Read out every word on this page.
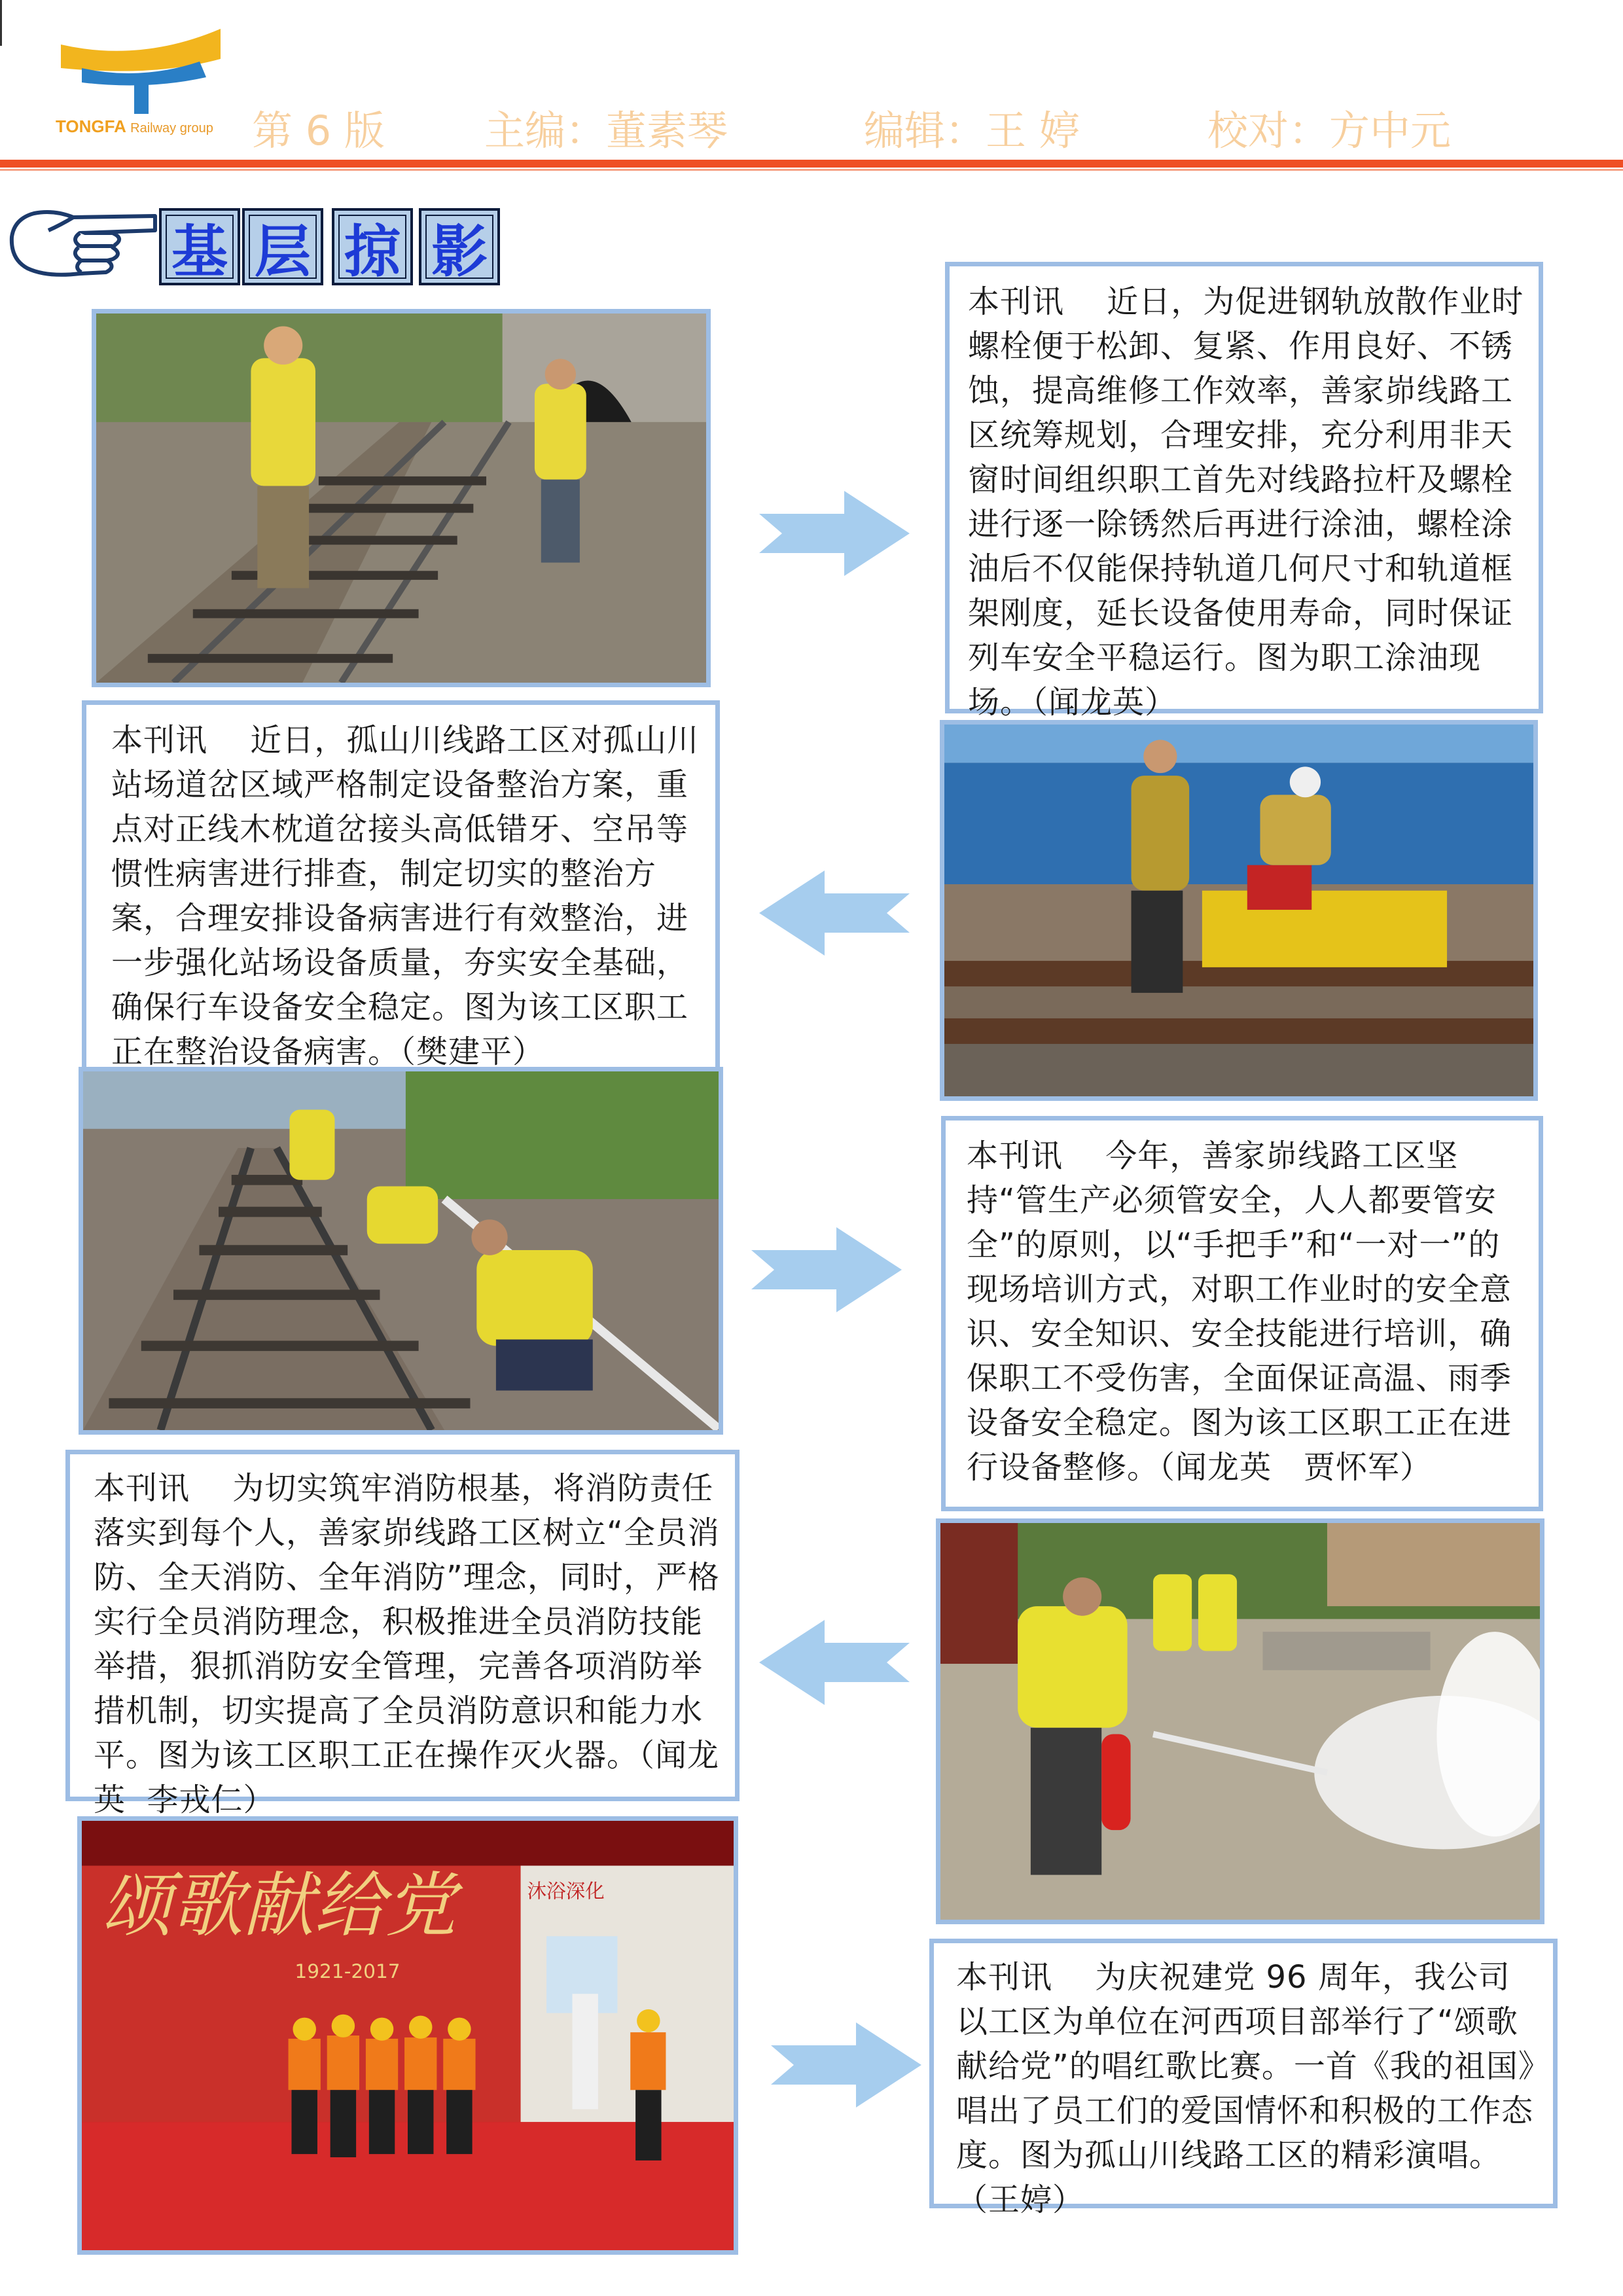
TONGFA Railway group 第 6 版 主编：董素琴	编辑：王 婷	校对：方中元
基 层 掠 影
本刊讯　 近日，为促进钢轨放散作业时螺栓便于松卸、复紧、作用良好、不锈蚀，提高维修工作效率，善家峁线路工区统筹规划，合理安排，充分利用非天窗时间组织职工首先对线路拉杆及螺栓进行逐一除锈然后再进行涂油，螺栓涂油后不仅能保持轨道几何尺寸和轨道框架刚度，延长设备使用寿命，同时保证列车安全平稳运行。图为职工涂油现场。（闻龙英）
本刊讯　 近日，孤山川线路工区对孤山川站场道岔区域严格制定设备整治方案，重点对正线木枕道岔接头高低错牙、空吊等惯性病害进行排查，制定切实的整治方案，合理安排设备病害进行有效整治，进一步强化站场设备质量，夯实安全基础，确保行车设备安全稳定。图为该工区职工正在整治设备病害。（樊建平）
本刊讯　 今年，善家峁线路工区坚持“管生产必须管安全，人人都要管安全”的原则，以“手把手”和“一对一”的现场培训方式，对职工作业时的安全意识、安全知识、安全技能进行培训，确保职工不受伤害，全面保证高温、雨季设备安全稳定。图为该工区职工正在进行设备整修。（闻龙英　贾怀军）
本刊讯　 为切实筑牢消防根基，将消防责任落实到每个人，善家峁线路工区树立“全员消防、全天消防、全年消防”理念，同时，严格实行全员消防理念，积极推进全员消防技能举措，狠抓消防安全管理，完善各项消防举措机制，切实提高了全员消防意识和能力水平。图为该工区职工正在操作灭火器。（闻龙英  李戎仁）
颂歌献给党
1921-2017
沐浴深化
本刊讯　 为庆祝建党 96 周年，我公司以工区为单位在河西项目部举行了“颂歌献给党”的唱红歌比赛。一首《我的祖国》唱出了员工们的爱国情怀和积极的工作态度。图为孤山川线路工区的精彩演唱。（王婷）
